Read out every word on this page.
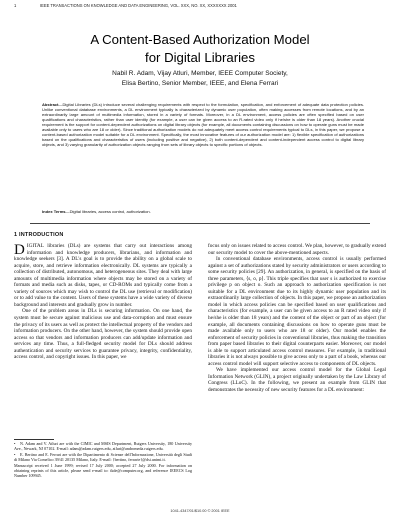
1	IEEE TRANSACTIONS ON KNOWLEDGE AND DATA ENGINEERING, VOL. XXX, NO. XX, XXXXXXX 2001
A Content-Based Authorization Model
for Digital Libraries
Nabil R. Adam, Vijay Atluri, Member, IEEE Computer Society,
Elisa Bertino, Senior Member, IEEE, and Elena Ferrari
Abstract—Digital Libraries (DLs) introduce several challenging requirements with respect to the formulation, specification, and enforcement of adequate data protection policies. Unlike conventional database environments, a DL environment typically is characterized by dynamic user population, often making accesses from remote locations, and by an extraordinarily large amount of multimedia information, stored in a variety of formats. Moreover, in a DL environment, access policies are often specified based on user qualifications and characteristics, rather than user identity (for example, a user can be given access to an R-rated video only if he/she is older than 18 years). Another crucial requirement is the support for content-dependent authorizations on digital library objects (for example, all documents containing discussions on how to operate guns must be made available only to users who are 18 or older). Since traditional authorization models do not adequately meet access control requirements typical to DLs, in this paper, we propose a content-based authorization model suitable for a DL environment. Specifically, the most innovative features of our authorization model are: 1) flexible specification of authorizations based on the qualifications and characteristics of users (including positive and negative), 2) both content-dependent and content-independent access control to digital library objects, and 3) varying granularity of authorization objects ranging from sets of library objects to specific portions of objects.
Index Terms—Digital libraries, access control, authorization.
1 INTRODUCTION

DIGITAL libraries (DLs) are systems that carry out interactions among information and knowledge producers, librarians, and information and knowledge seekers [3]. A DL's goal is to provide the ability on a global scale to acquire, store, and retrieve information electronically. DL systems are typically a collection of distributed, autonomous, and heterogeneous sites. They deal with large amounts of multimedia information where objects may be stored on a variety of formats and media such as disks, tapes, or CD-ROMs and typically come from a variety of sources which may wish to control the DL use (retrieval or modification) or to add value to the content. Users of these systems have a wide variety of diverse background and interests and gradually grow in number.

One of the problem areas in DLs is securing information. On one hand, the system must be secure against malicious use and data-corruption and must ensure the privacy of its users as well as protect the intellectual property of the vendors and information producers. On the other hand, however, the system should provide open access so that vendors and information producers can add/update information and services any time. Thus, a full-fledged security model for DLs should address authentication and security services to guarantee privacy, integrity, confidentiality, access control, and copyright issues. In this paper, we

• N. Adam and V. Atluri are with the CIMIC and MSIS Department, Rutgers University, 180 University Ave., Newark, NJ 07102. E-mail: adam@adam.rutgers.edu, atluri@andromeda.rutgers.edu.

• E. Bertino and E. Ferrari are with the Dipartimento di Scienze dell'Informazione, Università degli Studi di Milano Via Comelico 39/41 20135 Milano, Italy. E-mail: {bertino, ferrarie}@dsi.unimi.it.

Manuscript received 1 June 1999; revised 17 July 2000; accepted 27 July 2000. For information on obtaining reprints of this article, please send e-mail to: tkde@computer.org, and reference IEEECS Log Number 109945.

focus only on issues related to access control. We plan, however, to gradually extend our security model to cover the above-mentioned aspects.

In conventional database environments, access control is usually performed against a set of authorizations stated by security administrators or users according to some security policies [29]. An authorization, in general, is specified on the basis of three parameters, ⟨s, o, p⟩. This triple specifies that user s is authorized to exercise privilege p on object o. Such an approach to authorization specification is not suitable for a DL environment due to its highly dynamic user population and its extraordinarily large collection of objects. In this paper, we propose an authorization model in which access policies can be specified based on user qualifications and characteristics (for example, a user can be given access to an R rated video only if he/she is older than 18 years) and the content of the object or part of an object (for example, all documents containing discussions on how to operate guns must be made available only to users who are 18 or older). Our model enables the enforcement of security policies in conventional libraries, thus making the transition from paper based libraries to their digital counterparts easier. Moreover, our model is able to support articulated access control measures. For example, in traditional libraries it is not always possible to give access only to a part of a book, whereas our access control model will support selective access to components of DL objects.

We have implemented our access control model for the Global Legal Information Network (GLIN), a project originally undertaken by the Law Library of Congress (LLoC). In the following, we present an example from GLIN that demonstrates the necessity of new security features for a DL environment:

1041-4347/01/$10.00 © 2001 IEEE
